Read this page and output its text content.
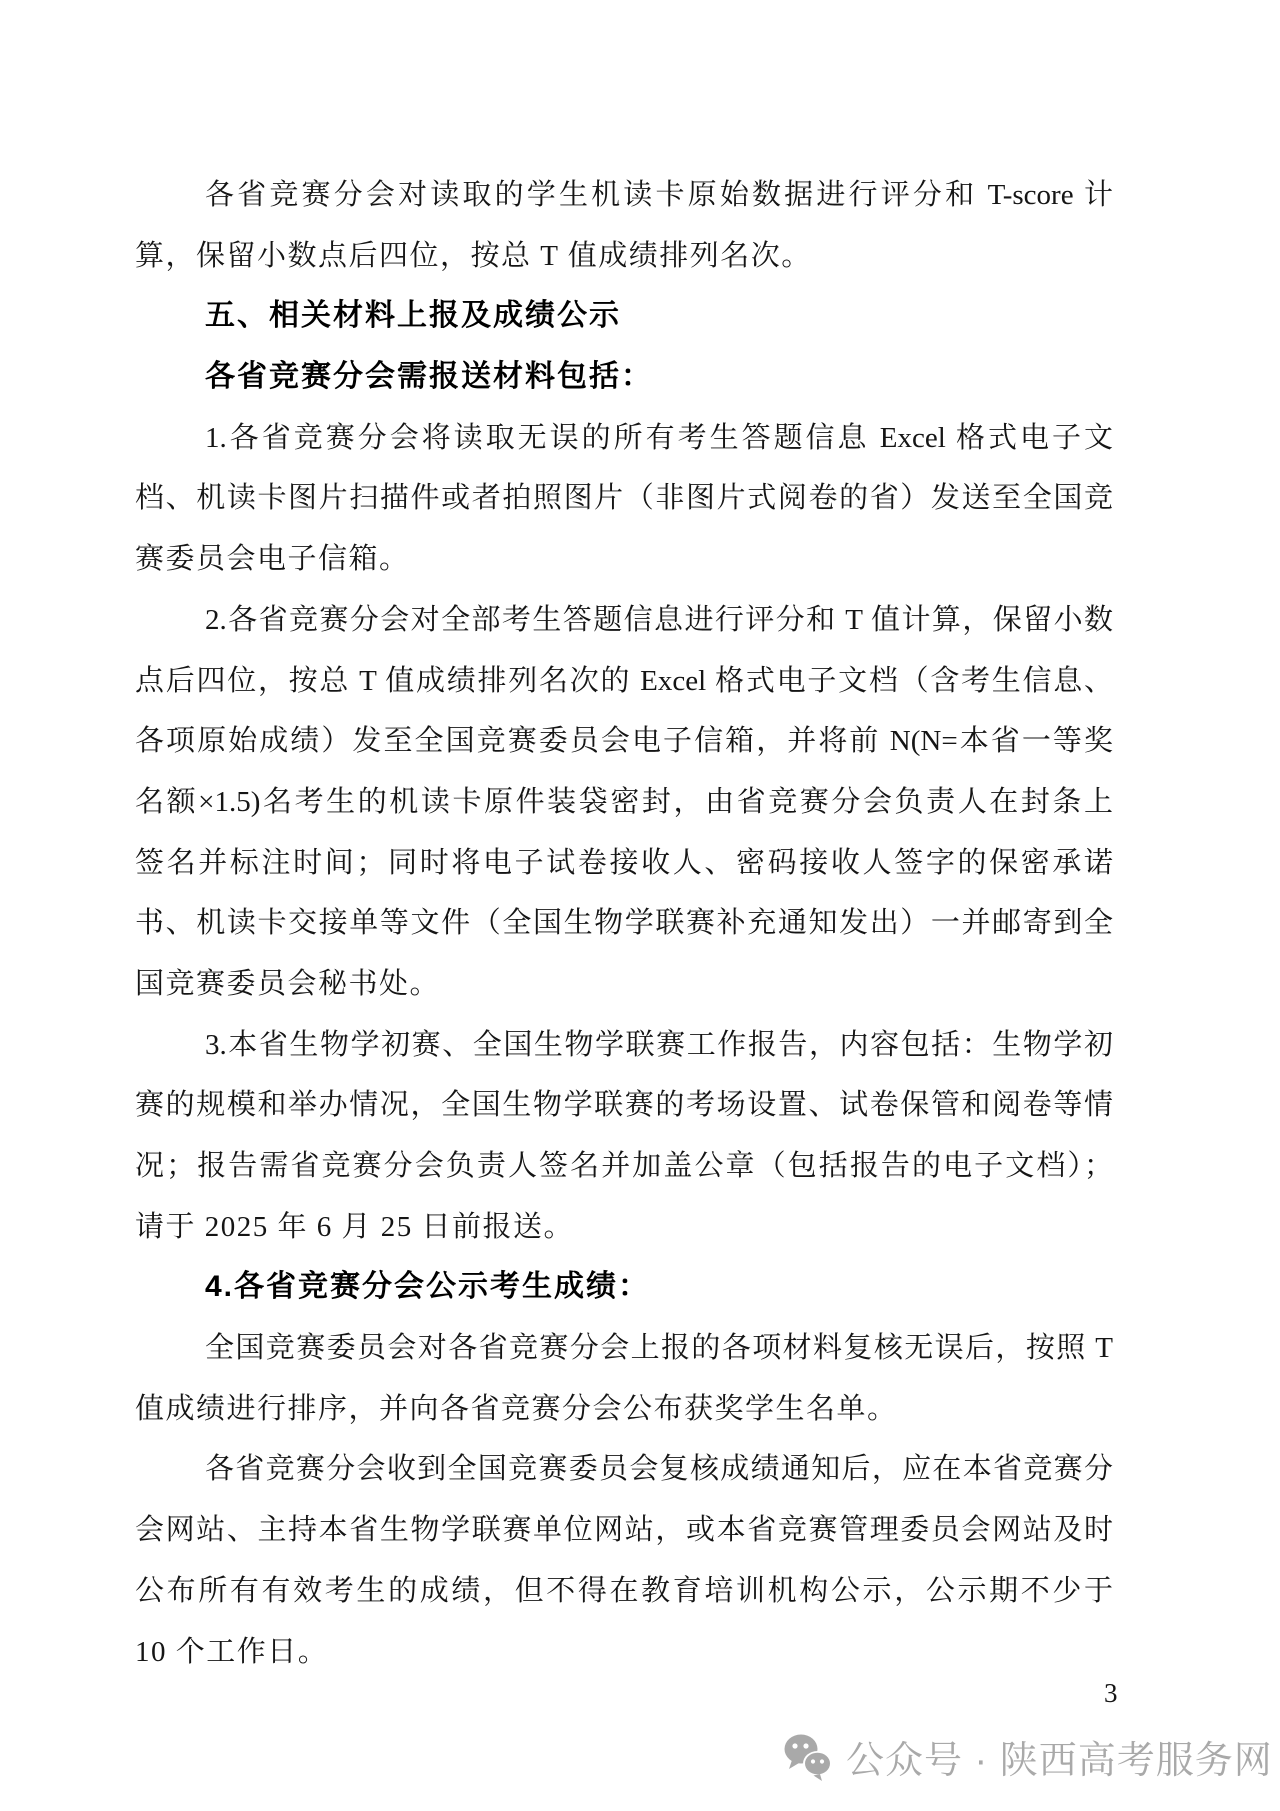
各省竞赛分会对读取的学生机读卡原始数据进行评分和 T-score 计
算，保留小数点后四位，按总 T 值成绩排列名次。
五、相关材料上报及成绩公示
各省竞赛分会需报送材料包括：
1.各省竞赛分会将读取无误的所有考生答题信息 Excel 格式电子文
档、机读卡图片扫描件或者拍照图片（非图片式阅卷的省）发送至全国竞
赛委员会电子信箱。
2.各省竞赛分会对全部考生答题信息进行评分和 T 值计算，保留小数
点后四位，按总 T 值成绩排列名次的 Excel 格式电子文档（含考生信息、
各项原始成绩）发至全国竞赛委员会电子信箱，并将前 N(N=本省一等奖
名额×1.5)名考生的机读卡原件装袋密封，由省竞赛分会负责人在封条上
签名并标注时间；同时将电子试卷接收人、密码接收人签字的保密承诺
书、机读卡交接单等文件（全国生物学联赛补充通知发出）一并邮寄到全
国竞赛委员会秘书处。
3.本省生物学初赛、全国生物学联赛工作报告，内容包括：生物学初
赛的规模和举办情况，全国生物学联赛的考场设置、试卷保管和阅卷等情
况；报告需省竞赛分会负责人签名并加盖公章（包括报告的电子文档）；
请于 2025 年 6 月 25 日前报送。
4.各省竞赛分会公示考生成绩：
全国竞赛委员会对各省竞赛分会上报的各项材料复核无误后，按照 T
值成绩进行排序，并向各省竞赛分会公布获奖学生名单。
各省竞赛分会收到全国竞赛委员会复核成绩通知后，应在本省竞赛分
会网站、主持本省生物学联赛单位网站，或本省竞赛管理委员会网站及时
公布所有有效考生的成绩，但不得在教育培训机构公示，公示期不少于
10 个工作日。
3
公众号 · 陕西高考服务网
